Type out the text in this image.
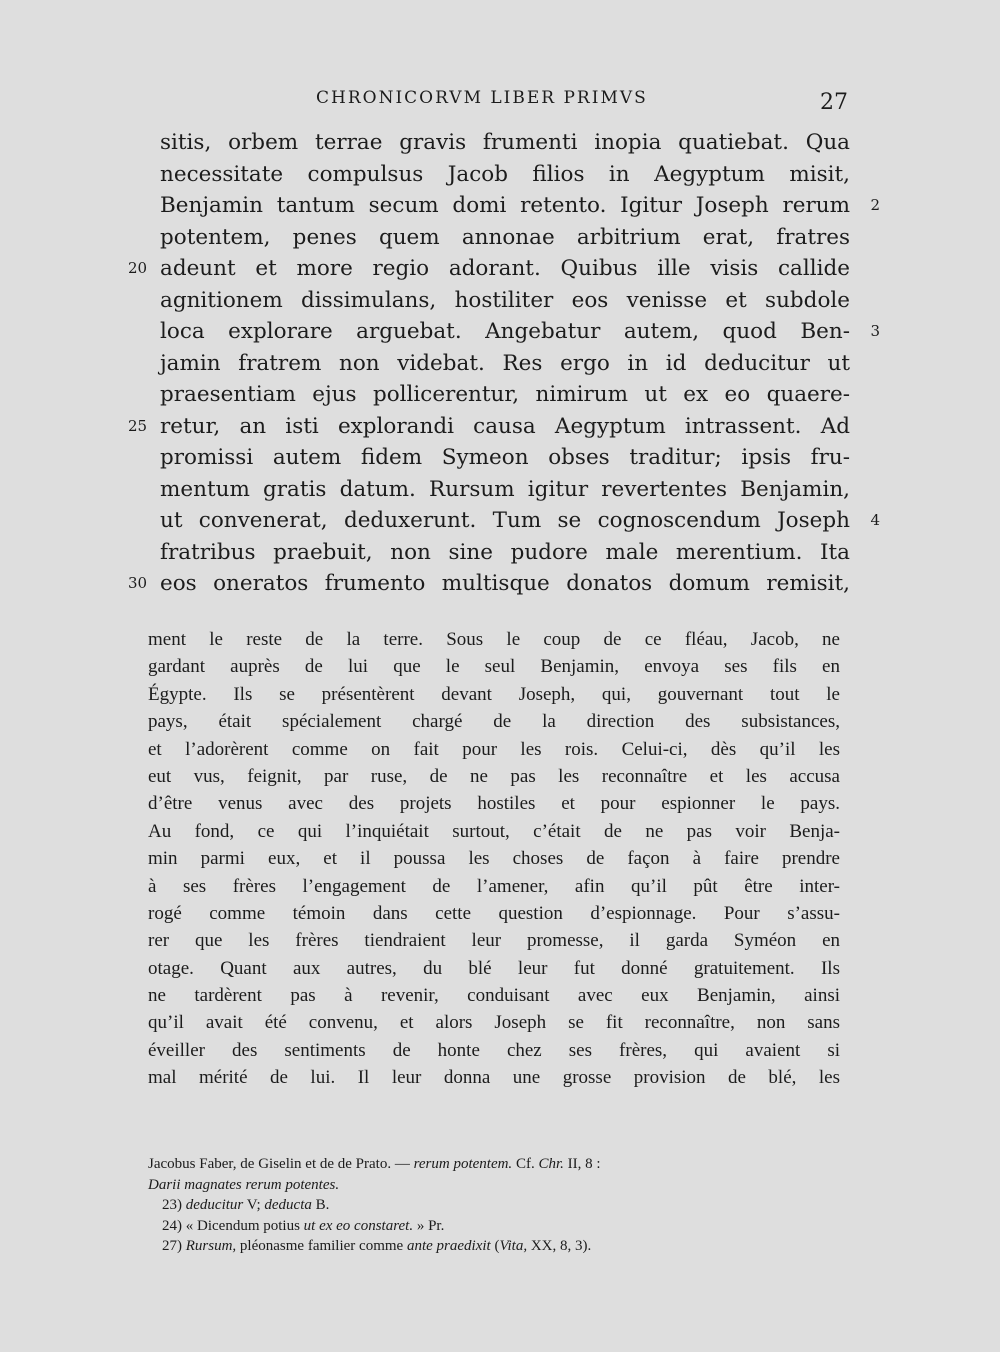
CHRONICORVM LIBER PRIMVS	27
sitis, orbem terrae gravis frumenti inopia quatiebat. Qua
necessitate compulsus Jacob filios in Aegyptum misit,
Benjamin tantum secum domi retento. Igitur Joseph rerum 2
potentem, penes quem annonae arbitrium erat, fratres
adeunt et more regio adorant. Quibus ille visis callide
20
agnitionem dissimulans, hostiliter eos venisse et subdole
loca explorare arguebat. Angebatur autem, quod Ben- 3
jamin fratrem non videbat. Res ergo in id deducitur ut
praesentiam ejus pollicerentur, nimirum ut ex eo quaere-
retur, an isti explorandi causa Aegyptum intrassent. Ad
25
promissi autem fidem Symeon obses traditur; ipsis fru-
mentum gratis datum. Rursum igitur revertentes Benjamin,
ut convenerat, deduxerunt. Tum se cognoscendum Joseph 4
fratribus praebuit, non sine pudore male merentium. Ita
eos oneratos frumento multisque donatos domum remisit,
30
ment le reste de la terre. Sous le coup de ce fléau, Jacob, ne
gardant auprès de lui que le seul Benjamin, envoya ses fils en
Égypte. Ils se présentèrent devant Joseph, qui, gouvernant tout le
pays, était spécialement chargé de la direction des subsistances,
et l’adorèrent comme on fait pour les rois. Celui-ci, dès qu’il les
eut vus, feignit, par ruse, de ne pas les reconnaître et les accusa
d’être venus avec des projets hostiles et pour espionner le pays.
Au fond, ce qui l’inquiétait surtout, c’était de ne pas voir Benja-
min parmi eux, et il poussa les choses de façon à faire prendre
à ses frères l’engagement de l’amener, afin qu’il pût être inter-
rogé comme témoin dans cette question d’espionnage. Pour s’assu-
rer que les frères tiendraient leur promesse, il garda Syméon en
otage. Quant aux autres, du blé leur fut donné gratuitement. Ils
ne tardèrent pas à revenir, conduisant avec eux Benjamin, ainsi
qu’il avait été convenu, et alors Joseph se fit reconnaître, non sans
éveiller des sentiments de honte chez ses frères, qui avaient si
mal mérité de lui. Il leur donna une grosse provision de blé, les
Jacobus Faber, de Giselin et de de Prato. — rerum potentem. Cf. Chr. II, 8 :
Darii magnates rerum potentes.
23) deducitur V; deducta B.
24) « Dicendum potius ut ex eo constaret. » Pr.
27) Rursum, pléonasme familier comme ante praedixit (Vita, XX, 8, 3).
